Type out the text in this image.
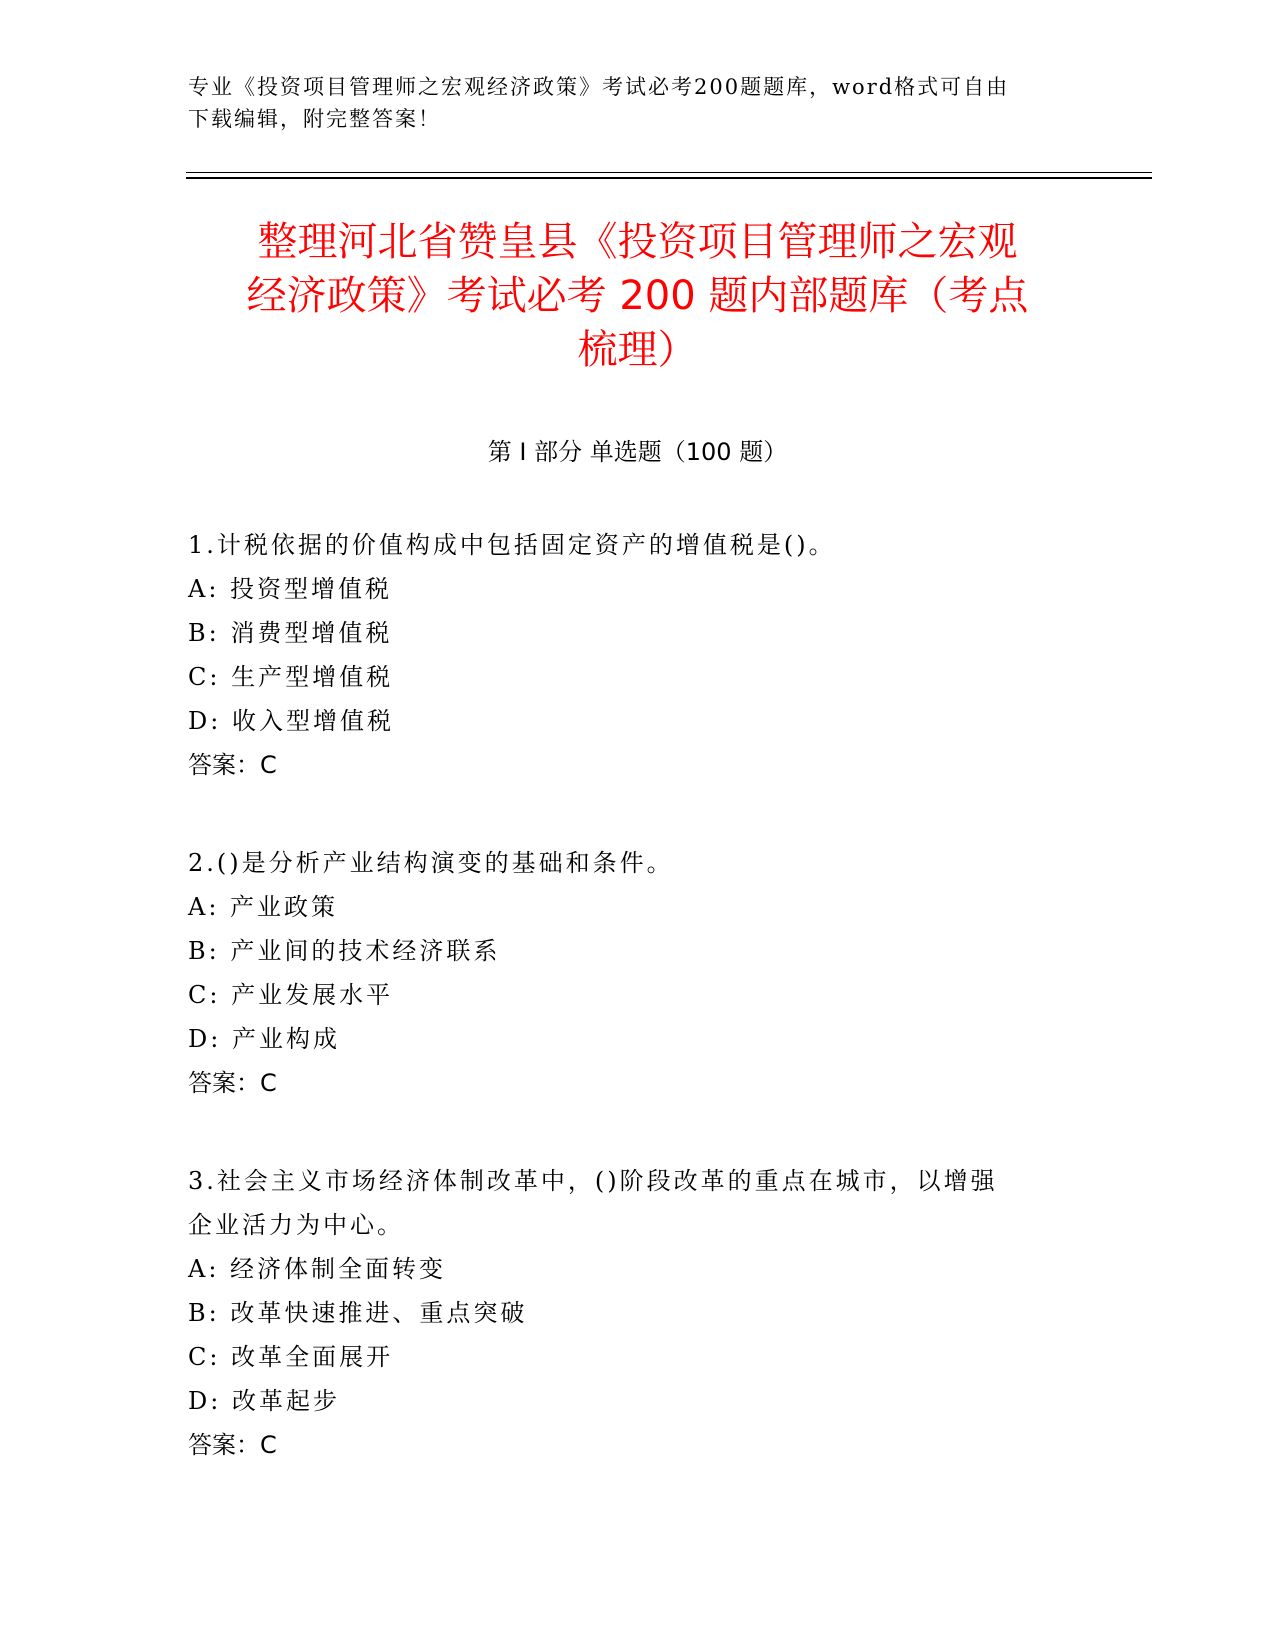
专业《投资项目管理师之宏观经济政策》考试必考200题题库，word格式可自由
下载编辑，附完整答案！
整理河北省赞皇县《投资项目管理师之宏观
经济政策》考试必考 200 题内部题库（考点
梳理）
第 I 部分 单选题（100 题）
1.计税依据的价值构成中包括固定资产的增值税是()。
A: 投资型增值税
B: 消费型增值税
C: 生产型增值税
D: 收入型增值税
答案：C
2.()是分析产业结构演变的基础和条件。
A: 产业政策
B: 产业间的技术经济联系
C: 产业发展水平
D: 产业构成
答案：C
3.社会主义市场经济体制改革中，()阶段改革的重点在城市，以增强
企业活力为中心。
A: 经济体制全面转变
B: 改革快速推进、重点突破
C: 改革全面展开
D: 改革起步
答案：C
